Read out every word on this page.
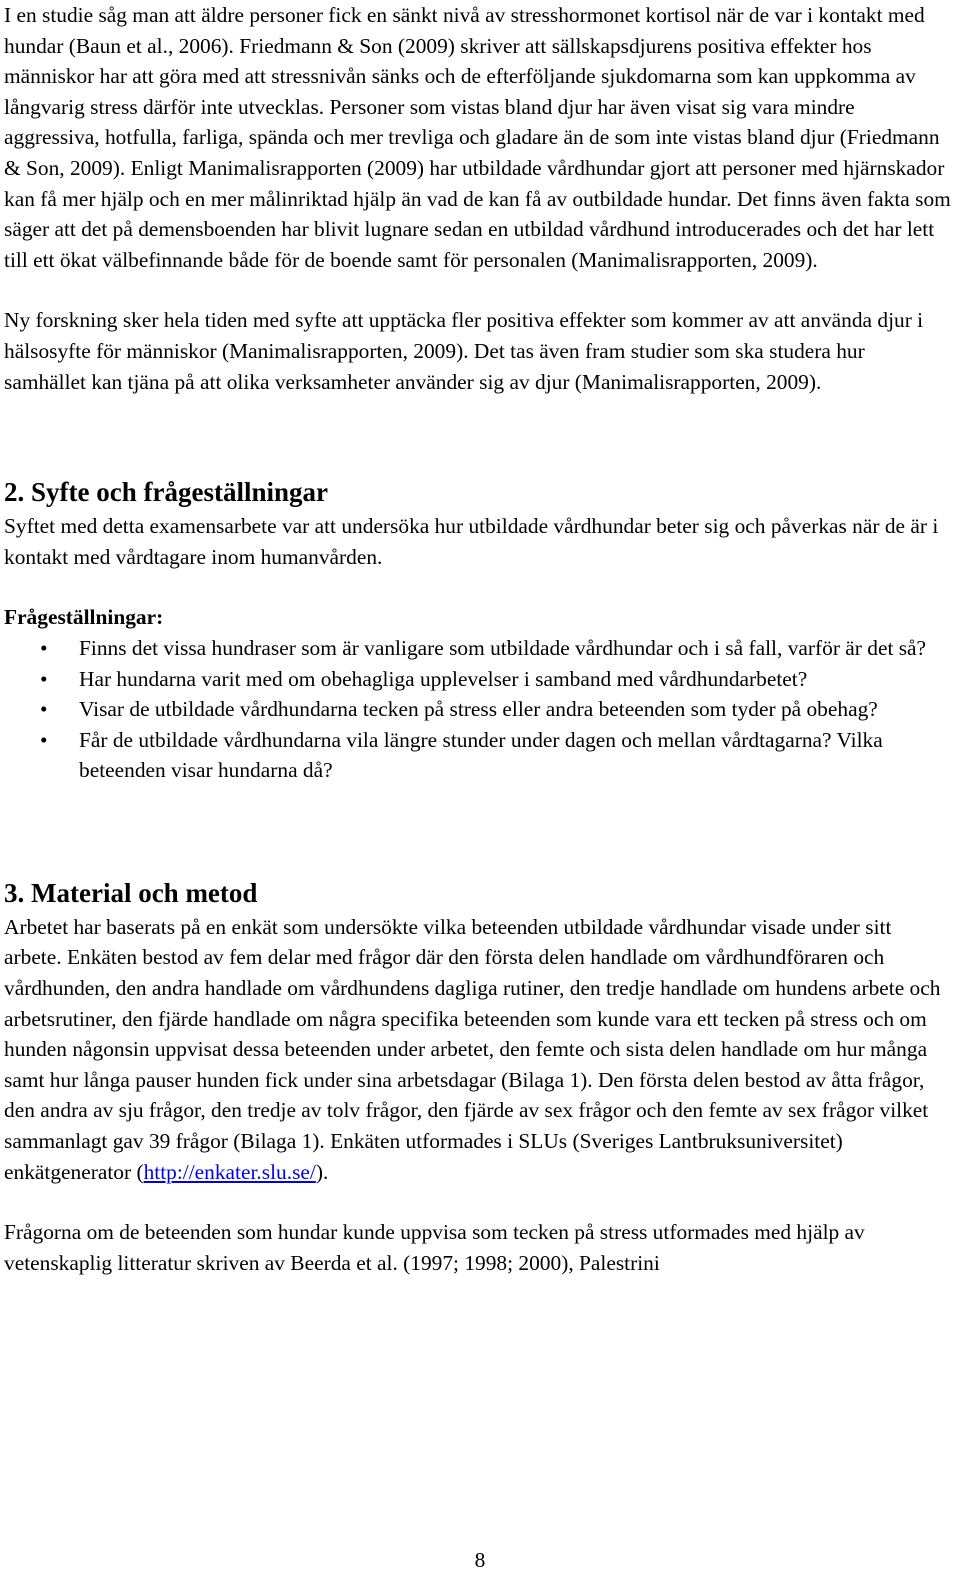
I en studie såg man att äldre personer fick en sänkt nivå av stresshormonet kortisol när de var i kontakt med hundar (Baun et al., 2006). Friedmann & Son (2009) skriver att sällskapsdjurens positiva effekter hos människor har att göra med att stressnivån sänks och de efterföljande sjukdomarna som kan uppkomma av långvarig stress därför inte utvecklas. Personer som vistas bland djur har även visat sig vara mindre aggressiva, hotfulla, farliga, spända och mer trevliga och gladare än de som inte vistas bland djur (Friedmann & Son, 2009). Enligt Manimalisrapporten (2009) har utbildade vårdhundar gjort att personer med hjärnskador kan få mer hjälp och en mer målinriktad hjälp än vad de kan få av outbildade hundar. Det finns även fakta som säger att det på demensboenden har blivit lugnare sedan en utbildad vårdhund introducerades och det har lett till ett ökat välbefinnande både för de boende samt för personalen (Manimalisrapporten, 2009).

Ny forskning sker hela tiden med syfte att upptäcka fler positiva effekter som kommer av att använda djur i hälsosyfte för människor (Manimalisrapporten, 2009). Det tas även fram studier som ska studera hur samhället kan tjäna på att olika verksamheter använder sig av djur (Manimalisrapporten, 2009).

2. Syfte och frågeställningar

Syftet med detta examensarbete var att undersöka hur utbildade vårdhundar beter sig och påverkas när de är i kontakt med vårdtagare inom humanvården.

Frågeställningar:

• Finns det vissa hundraser som är vanligare som utbildade vårdhundar och i så fall, varför är det så?
• Har hundarna varit med om obehagliga upplevelser i samband med vårdhundarbetet?
• Visar de utbildade vårdhundarna tecken på stress eller andra beteenden som tyder på obehag?
• Får de utbildade vårdhundarna vila längre stunder under dagen och mellan vårdtagarna? Vilka beteenden visar hundarna då?
3. Material och metod

Arbetet har baserats på en enkät som undersökte vilka beteenden utbildade vårdhundar visade under sitt arbete. Enkäten bestod av fem delar med frågor där den första delen handlade om vårdhundföraren och vårdhunden, den andra handlade om vårdhundens dagliga rutiner, den tredje handlade om hundens arbete och arbetsrutiner, den fjärde handlade om några specifika beteenden som kunde vara ett tecken på stress och om hunden någonsin uppvisat dessa beteenden under arbetet, den femte och sista delen handlade om hur många samt hur långa pauser hunden fick under sina arbetsdagar (Bilaga 1). Den första delen bestod av åtta frågor, den andra av sju frågor, den tredje av tolv frågor, den fjärde av sex frågor och den femte av sex frågor vilket sammanlagt gav 39 frågor (Bilaga 1). Enkäten utformades i SLUs (Sveriges Lantbruksuniversitet) enkätgenerator (http://enkater.slu.se/).

Frågorna om de beteenden som hundar kunde uppvisa som tecken på stress utformades med hjälp av vetenskaplig litteratur skriven av Beerda et al. (1997; 1998; 2000), Palestrini

8
